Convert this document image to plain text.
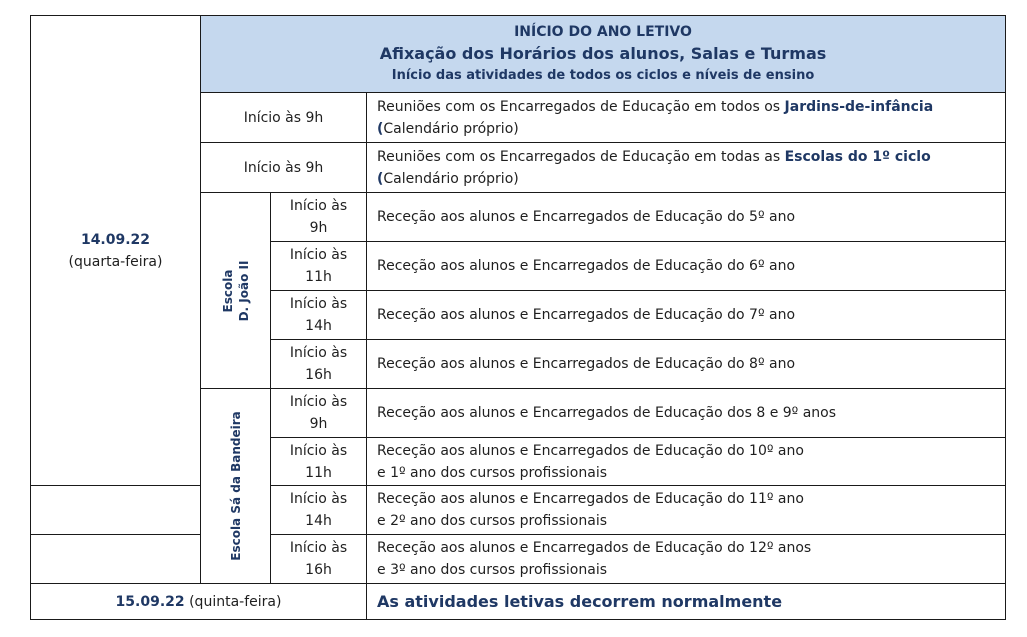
14.09.22
(quarta-feira)
INÍCIO DO ANO LETIVO
Afixação dos Horários dos alunos, Salas e Turmas
Início das atividades de todos os ciclos e níveis de ensino
Início às 9h
Reuniões com os Encarregados de Educação em todos os Jardins-de-infância
(Calendário próprio)
Início às 9h
Reuniões com os Encarregados de Educação em todas as Escolas do 1º ciclo
(Calendário próprio)
Escola D. João II
Início às
9h
Receção aos alunos e Encarregados de Educação do 5º ano
Início às
11h
Receção aos alunos e Encarregados de Educação do 6º ano
Início às
14h
Receção aos alunos e Encarregados de Educação do 7º ano
Início às
16h
Receção aos alunos e Encarregados de Educação do 8º ano
Escola Sá da Bandeira
Início às
9h
Receção aos alunos e Encarregados de Educação dos 8 e 9º anos
Início às
11h
Receção aos alunos e Encarregados de Educação do 10º ano e 1º ano dos cursos profissionais
Início às
14h
Receção aos alunos e Encarregados de Educação do 11º ano e 2º ano dos cursos profissionais
Início às
16h
Receção aos alunos e Encarregados de Educação do 12º anos e 3º ano dos cursos profissionais
15.09.22 (quinta-feira)	As atividades letivas decorrem normalmente
